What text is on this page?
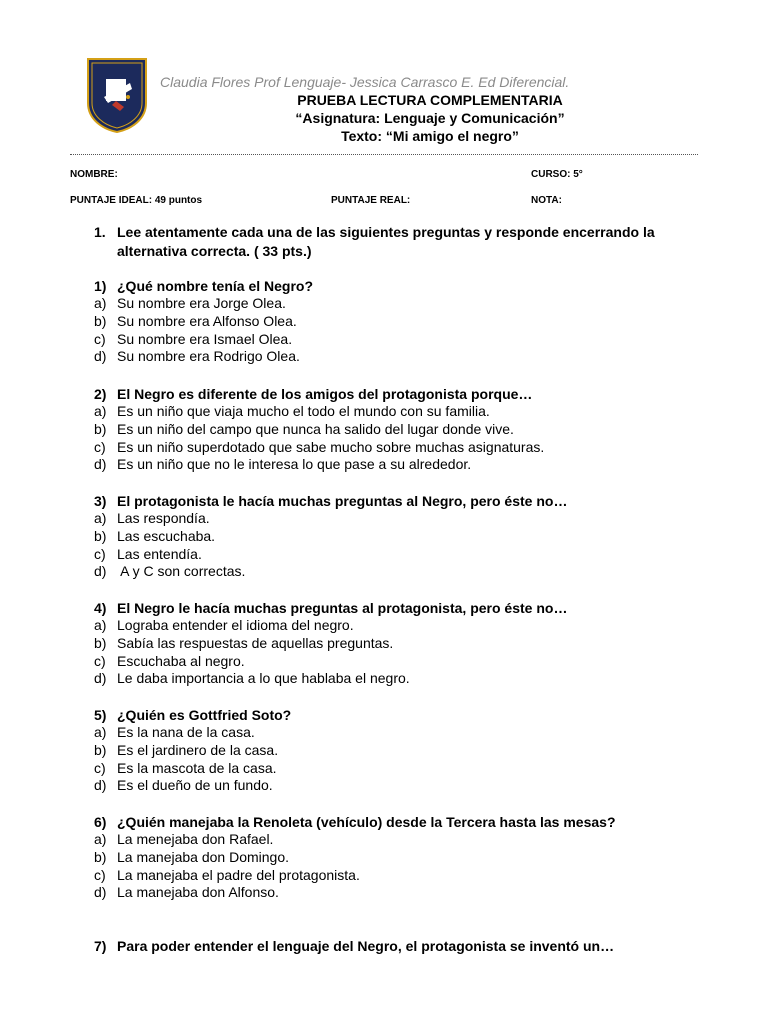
Claudia Flores Prof Lenguaje- Jessica Carrasco E. Ed Diferencial.
PRUEBA LECTURA COMPLEMENTARIA
“Asignatura: Lenguaje y Comunicación”
Texto: “Mi amigo el negro”
NOMBRE:	CURSO: 5°
PUNTAJE IDEAL: 49 puntos	PUNTAJE REAL:	NOTA:
1. Lee atentamente cada una de las siguientes preguntas y responde encerrando la alternativa correcta. ( 33 pts.)
1) ¿Qué nombre tenía el Negro?
a) Su nombre era Jorge Olea.
b) Su nombre era Alfonso Olea.
c) Su nombre era Ismael Olea.
d) Su nombre era Rodrigo Olea.
2) El Negro es diferente de los amigos del protagonista porque…
a) Es un niño que viaja mucho el todo el mundo con su familia.
b) Es un niño del campo que nunca ha salido del lugar donde vive.
c) Es un niño superdotado que sabe mucho sobre muchas asignaturas.
d) Es un niño que no le interesa lo que pase a su alrededor.
3) El protagonista le hacía muchas preguntas al Negro, pero éste no…
a) Las respondía.
b) Las escuchaba.
c) Las entendía.
d) A y C son correctas.
4) El Negro le hacía muchas preguntas al protagonista, pero éste no…
a) Lograba entender el idioma del negro.
b) Sabía las respuestas de aquellas preguntas.
c) Escuchaba al negro.
d) Le daba importancia a lo que hablaba el negro.
5) ¿Quién es Gottfried Soto?
a) Es la nana de la casa.
b) Es el jardinero de la casa.
c) Es la mascota de la casa.
d) Es el dueño de un fundo.
6) ¿Quién manejaba la Renoleta (vehículo) desde la Tercera hasta las mesas?
a) La menejaba don Rafael.
b) La manejaba don Domingo.
c) La manejaba el padre del protagonista.
d) La manejaba don Alfonso.
7) Para poder entender el lenguaje del Negro, el protagonista se inventó un…
